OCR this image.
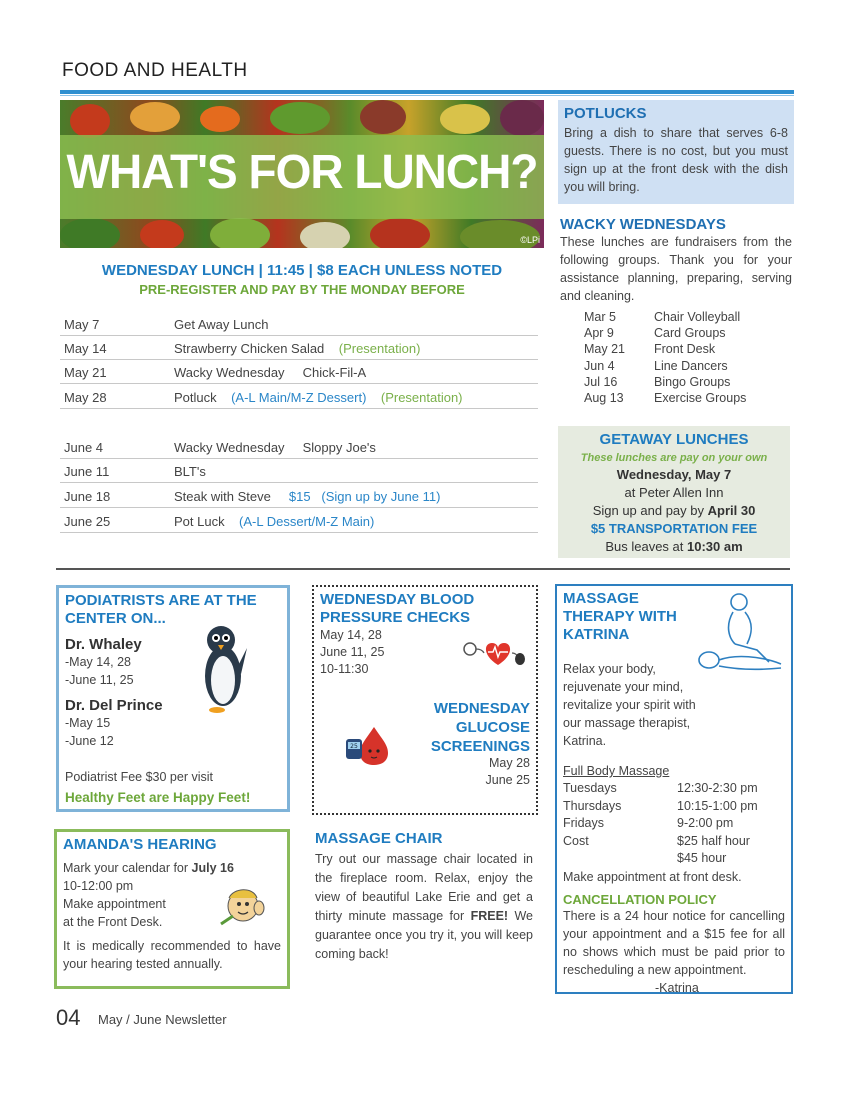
FOOD AND HEALTH
WHAT'S FOR LUNCH?
©LPi
WEDNESDAY LUNCH | 11:45 | $8 EACH UNLESS NOTED
PRE-REGISTER AND PAY BY THE MONDAY BEFORE
May 7	Get Away Lunch
May 14	Strawberry Chicken Salad (Presentation)
May 21	Wacky Wednesday     Chick-Fil-A
May 28	Potluck (A-L Main/M-Z Dessert) (Presentation)
June 4	Wacky Wednesday     Sloppy Joe's
June 11	BLT's
June 18	Steak with Steve $15   (Sign up by June 11)
June 25	Pot Luck (A-L Dessert/M-Z Main)
POTLUCKS
Bring a dish to share that serves 6-8 guests. There is no cost, but you must sign up at the front desk with the dish you will bring.
WACKY WEDNESDAYS
These lunches are fundraisers from the following groups. Thank you for your assistance planning, preparing, serving and cleaning.
Mar 5	Chair Volleyball
Apr 9	Card Groups
May 21 Front Desk
Jun 4	Line Dancers
Jul 16	Bingo Groups
Aug 13 Exercise Groups
GETAWAY LUNCHES
These lunches are pay on your own
Wednesday, May 7
at Peter Allen Inn
Sign up and pay by April 30
$5 TRANSPORTATION FEE
Bus leaves at 10:30 am
PODIATRISTS ARE AT THE CENTER ON...
Dr. Whaley
-May 14, 28
-June 11, 25
Dr. Del Prince
-May 15
-June 12
Podiatrist Fee $30 per visit
Healthy Feet are Happy Feet!
WEDNESDAY BLOOD PRESSURE CHECKS
May 14, 28
June 11, 25
10-11:30
WEDNESDAY GLUCOSE SCREENINGS
May 28
June 25
25
MASSAGE THERAPY WITH KATRINA
Relax your body, rejuvenate your mind, revitalize your spirit with our massage therapist, Katrina.
Full Body Massage
Tuesdays	12:30-2:30 pm
Thursdays	10:15-1:00 pm
Fridays	9-2:00 pm
Cost	$25 half hour
	$45 hour
Make appointment at front desk.
CANCELLATION POLICY
There is a 24 hour notice for cancelling your appointment and a $15 fee for all no shows which must be paid prior to rescheduling a new appointment.
-Katrina
AMANDA'S HEARING
Mark your calendar for July 16
10-12:00 pm
Make appointment
at the Front Desk.
It is medically recommended to have your hearing tested annually.
MASSAGE CHAIR
Try out our massage chair located in the fireplace room. Relax, enjoy the view of beautiful Lake Erie and get a thirty minute massage for FREE! We guarantee once you try it, you will keep coming back!
04 May / June Newsletter
